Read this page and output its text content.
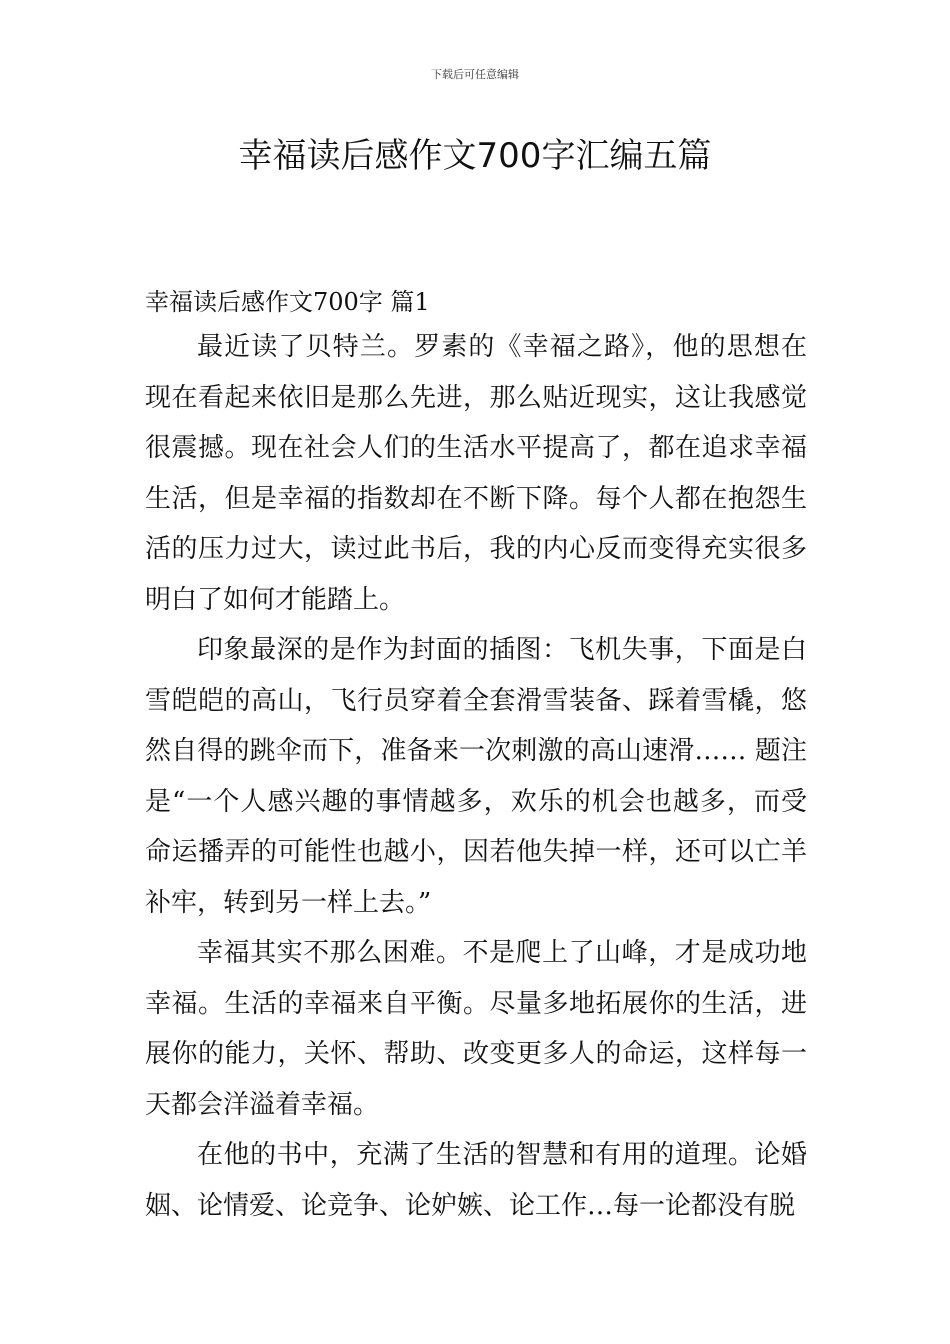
下载后可任意编辑
幸福读后感作文700字汇编五篇
幸福读后感作文700字 篇1

最近读了贝特兰。罗素的《幸福之路》，他的思想在现在看起来依旧是那么先进，那么贴近现实，这让我感觉很震撼。现在社会人们的生活水平提高了，都在追求幸福生活，但是幸福的指数却在不断下降。每个人都在抱怨生活的压力过大，读过此书后，我的内心反而变得充实很多明白了如何才能踏上。

印象最深的是作为封面的插图：飞机失事，下面是白雪皑皑的高山，飞行员穿着全套滑雪装备、踩着雪橇，悠然自得的跳伞而下，准备来一次刺激的高山速滑…… 题注是“一个人感兴趣的事情越多，欢乐的机会也越多，而受命运播弄的可能性也越小，因若他失掉一样，还可以亡羊补牢，转到另一样上去。”

幸福其实不那么困难。不是爬上了山峰，才是成功地幸福。生活的幸福来自平衡。尽量多地拓展你的生活，进展你的能力，关怀、帮助、改变更多人的命运，这样每一天都会洋溢着幸福。

在他的书中，充满了生活的智慧和有用的道理。论婚姻、论情爱、论竞争、论妒嫉、论工作…每一论都没有脱
